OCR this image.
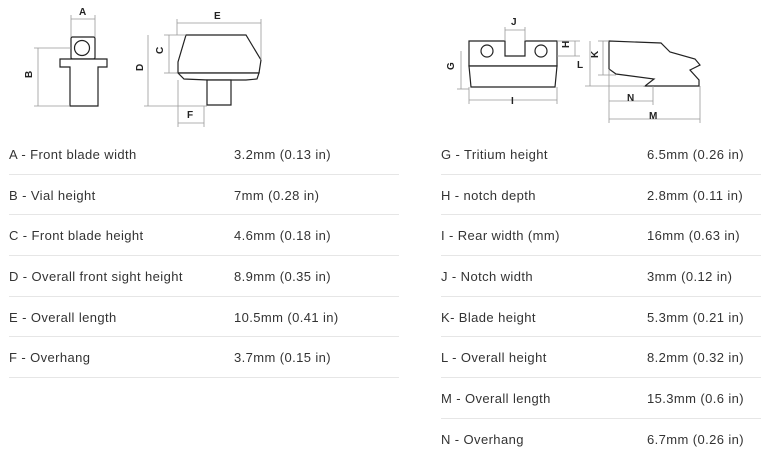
A
B
E
C
D
F
G
H
I
J
K
L
M
N
A - Front blade width	3.2mm (0.13 in)
B - Vial height	7mm (0.28 in)
C - Front blade height	4.6mm (0.18 in)
D - Overall front sight height	8.9mm (0.35 in)
E - Overall length	10.5mm (0.41 in)
F - Overhang	3.7mm (0.15 in)
G - Tritium height	6.5mm (0.26 in)
H - notch depth	2.8mm (0.11 in)
I - Rear width (mm)	16mm (0.63 in)
J - Notch width	3mm (0.12 in)
K- Blade height	5.3mm (0.21 in)
L - Overall height	8.2mm (0.32 in)
M - Overall length	15.3mm (0.6 in)
N - Overhang	6.7mm (0.26 in)
